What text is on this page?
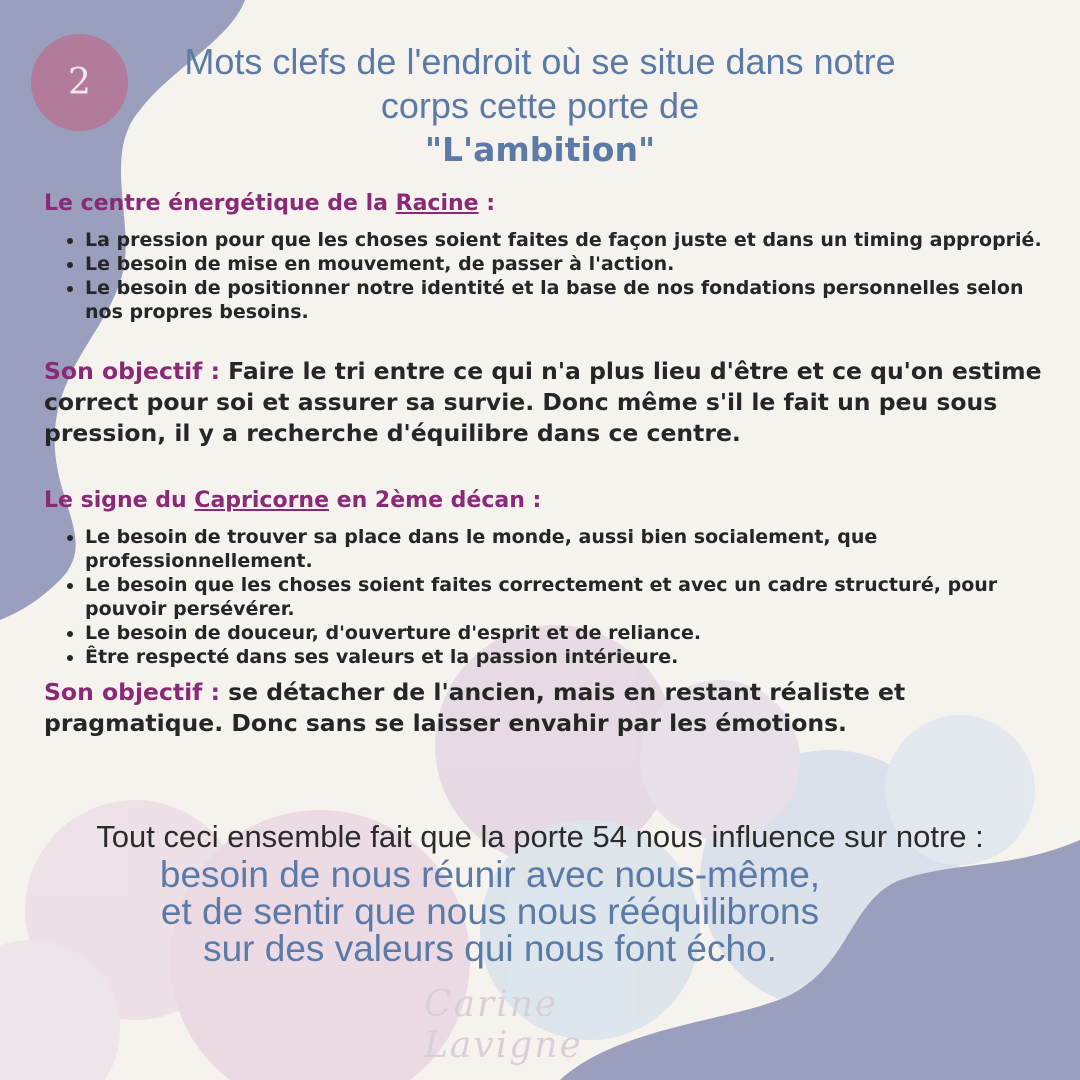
2
Mots clefs de l'endroit où se situe dans notre
corps cette porte de
"L'ambition"

Le centre énergétique de la Racine :

• La pression pour que les choses soient faites de façon juste et dans un timing approprié.
• Le besoin de mise en mouvement, de passer à l'action.
• Le besoin de positionner notre identité et la base de nos fondations personnelles selon nos propres besoins.

Son objectif : Faire le tri entre ce qui n'a plus lieu d'être et ce qu'on estime correct pour soi et assurer sa survie. Donc même s'il le fait un peu sous pression, il y a recherche d'équilibre dans ce centre.

Le signe du Capricorne en 2ème décan :

• Le besoin de trouver sa place dans le monde, aussi bien socialement, que professionnellement.
• Le besoin que les choses soient faites correctement et avec un cadre structuré, pour pouvoir persévérer.
• Le besoin de douceur, d'ouverture d'esprit et de reliance.
• Être respecté dans ses valeurs et la passion intérieure.

Son objectif : se détacher de l'ancien, mais en restant réaliste et pragmatique. Donc sans se laisser envahir par les émotions.

Tout ceci ensemble fait que la porte 54 nous influence sur notre :
besoin de nous réunir avec nous-même,
et de sentir que nous nous rééquilibrons
sur des valeurs qui nous font écho.
Carine Lavigne
